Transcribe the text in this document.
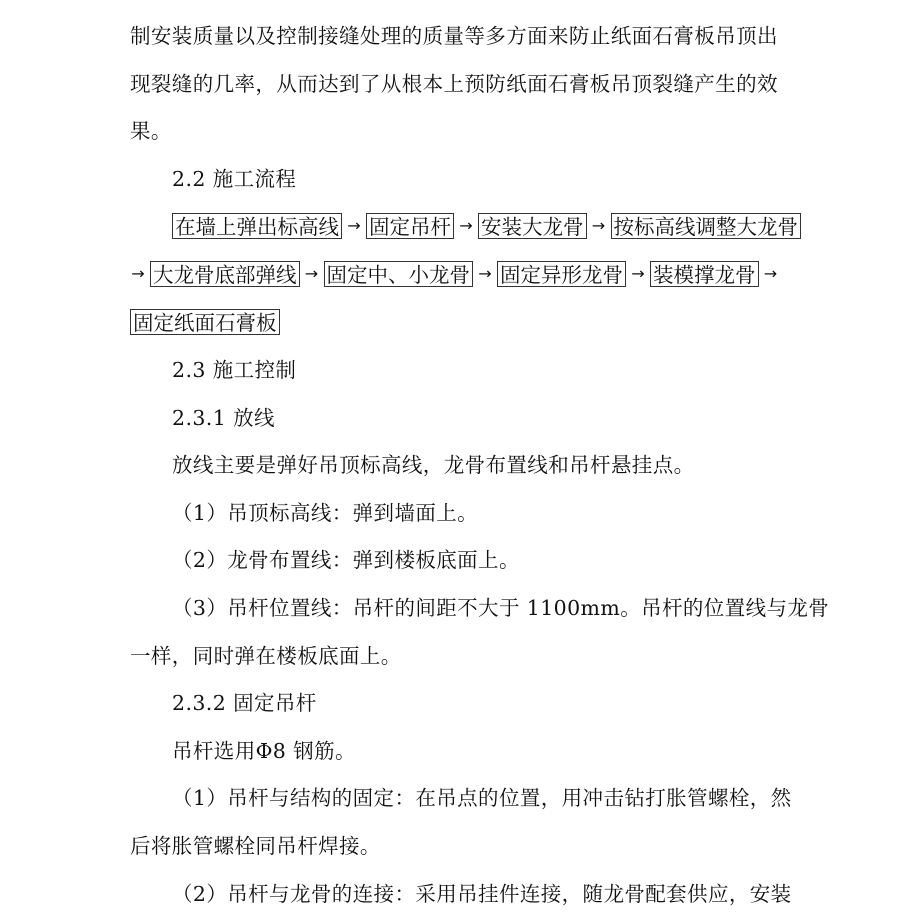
制安装质量以及控制接缝处理的质量等多方面来防止纸面石膏板吊顶出
现裂缝的几率，从而达到了从根本上预防纸面石膏板吊顶裂缝产生的效
果。
2.2 施工流程
在墙上弹出标高线 → 固定吊杆 → 安装大龙骨 → 按标高线调整大龙骨
→ 大龙骨底部弹线 → 固定中、小龙骨 → 固定异形龙骨 → 装模撑龙骨 →
固定纸面石膏板
2.3 施工控制
2.3.1 放线
放线主要是弹好吊顶标高线，龙骨布置线和吊杆悬挂点。
（1）吊顶标高线：弹到墙面上。
（2）龙骨布置线：弹到楼板底面上。
（3）吊杆位置线：吊杆的间距不大于 1100mm。吊杆的位置线与龙骨
一样，同时弹在楼板底面上。
2.3.2 固定吊杆
吊杆选用Φ8 钢筋。
（1）吊杆与结构的固定：在吊点的位置，用冲击钻打胀管螺栓，然
后将胀管螺栓同吊杆焊接。
（2）吊杆与龙骨的连接：采用吊挂件连接，随龙骨配套供应，安装
